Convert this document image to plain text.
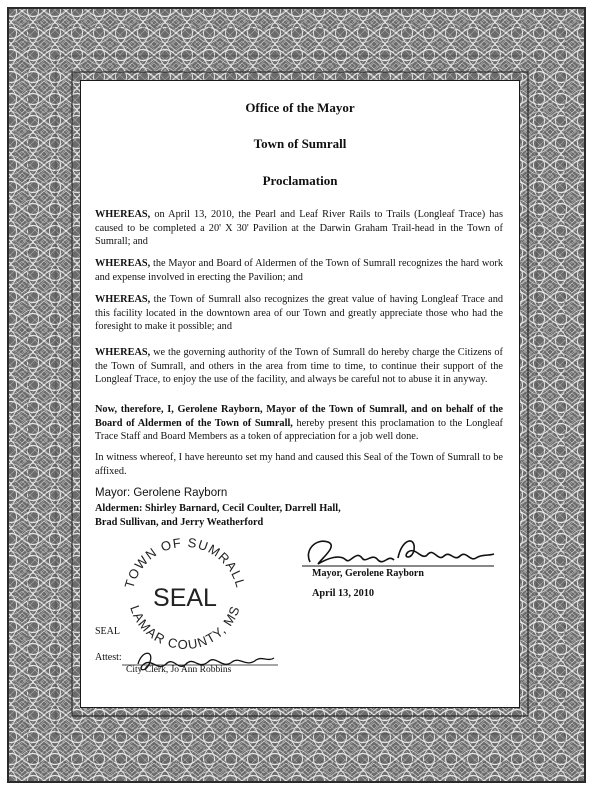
Office of the Mayor
Town of Sumrall
Proclamation
WHEREAS, on April 13, 2010, the Pearl and Leaf River Rails to Trails (Longleaf Trace) has caused to be completed a 20' X 30' Pavilion at the Darwin Graham Trail-head in the Town of Sumrall; and
WHEREAS, the Mayor and Board of Aldermen of the Town of Sumrall recognizes the hard work and expense involved in erecting the Pavilion; and
WHEREAS, the Town of Sumrall also recognizes the great value of having Longleaf Trace and this facility located in the downtown area of our Town and greatly appreciate those who had the foresight to make it possible; and
WHEREAS, we the governing authority of the Town of Sumrall do hereby charge the Citizens of the Town of Sumrall, and others in the area from time to time, to continue their support of the Longleaf Trace, to enjoy the use of the facility, and always be careful not to abuse it in anyway.
Now, therefore, I, Gerolene Rayborn, Mayor of the Town of Sumrall, and on behalf of the Board of Aldermen of the Town of Sumrall, hereby present this proclamation to the Longleaf Trace Staff and Board Members as a token of appreciation for a job well done.
In witness whereof, I have hereunto set my hand and caused this Seal of the Town of Sumrall to be affixed.
Mayor: Gerolene Rayborn
Aldermen: Shirley Barnard, Cecil Coulter, Darrell Hall,
Brad Sullivan, and Jerry Weatherford
TOWN OF SUMRALL
SEAL
LAMAR COUNTY, MS
SEAL
Mayor, Gerolene Rayborn
April 13, 2010
Attest:
City Clerk, Jo Ann Robbins
